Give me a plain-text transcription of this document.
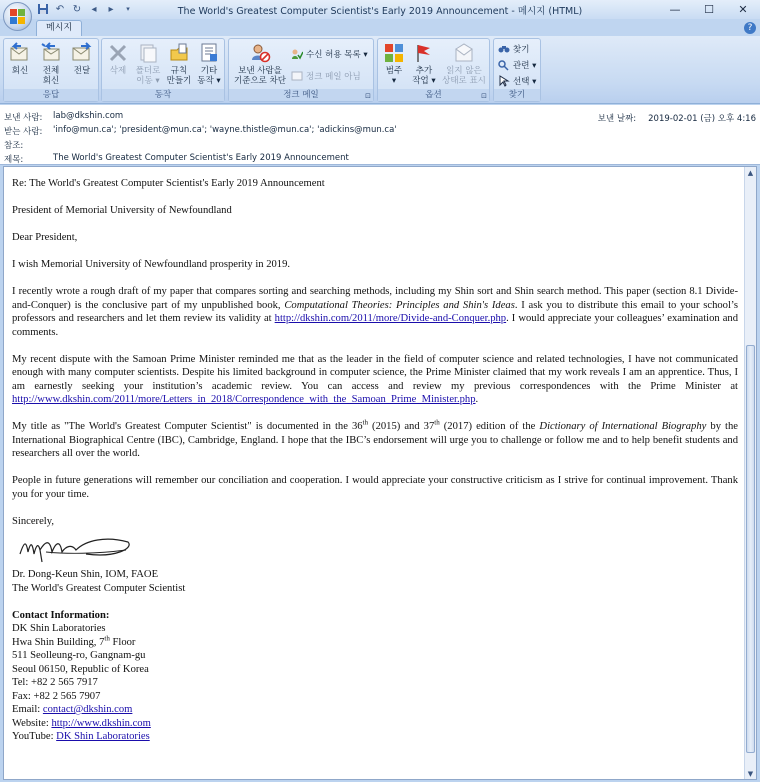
The World's Greatest Computer Scientist's Early 2019 Announcement - 메시지 (HTML)
↶ ↻	◂	▸	▾	—	☐	✕
메시지	?
회신	전체
회신
전달
응답
삭제	폴더로
이동 ▾
규칙
만들기
기타
동작 ▾
동작
보낸 사람을
기준으로 차단
수신 허용 목록 ▾
정크 메일 아님
정크 메일	⊡
범주
▾
추가
작업 ▾
읽지 않은
상태로 표시
옵션	⊡
찾기
관련 ▾
선택 ▾
찾기
보낸 사람: lab@dkshin.com
받는 사람: 'info@mun.ca'; 'president@mun.ca'; 'wayne.thistle@mun.ca'; 'adickins@mun.ca'
참조:
제목:	The World's Greatest Computer Scientist's Early 2019 Announcement
보낸 날짜: 2019-02-01 (금) 오후 4:16

Re: The World's Greatest Computer Scientist's Early 2019 Announcement

President of Memorial University of Newfoundland

Dear President,

I wish Memorial University of Newfoundland prosperity in 2019.

I recently wrote a rough draft of my paper that compares sorting and searching methods, including my Shin sort and Shin search method. This paper (section 8.1 Divide-and-Conquer) is the conclusive part of my unpublished book, Computational Theories: Principles and Shin's Ideas. I ask you to distribute this email to your school’s professors and researchers and let them review its validity at http://dkshin.com/2011/more/Divide-and-Conquer.php. I would appreciate your colleagues’ examination and comments.

My recent dispute with the Samoan Prime Minister reminded me that as the leader in the field of computer science and related technologies, I have not communicated enough with many computer scientists. Despite his limited background in computer science, the Prime Minister claimed that my work reveals I am an apprentice. Thus, I am earnestly seeking your institution’s academic review. You can access and review my previous correspondences with the Prime Minister at http://www.dkshin.com/2011/more/Letters_in_2018/Correspondence_with_the_Samoan_Prime_Minister.php.

My title as "The World's Greatest Computer Scientist" is documented in the 36th (2015) and 37th (2017) edition of the Dictionary of International Biography by the International Biographical Centre (IBC), Cambridge, England. I hope that the IBC’s endorsement will urge you to challenge or follow me and to help benefit students and researchers all over the world.

People in future generations will remember our conciliation and cooperation. I would appreciate your constructive criticism as I strive for continual improvement. Thank you for your time.

Sincerely,

Dr. Dong-Keun Shin, IOM, FAOE
The World's Greatest Computer Scientist
Contact Information:
DK Shin Laboratories
Hwa Shin Building, 7th Floor
511 Seolleung-ro, Gangnam-gu
Seoul 06150, Republic of Korea
Tel: +82 2 565 7917
Fax: +82 2 565 7907
Email: contact@dkshin.com
Website: http://www.dkshin.com
YouTube: DK Shin Laboratories
▲
▼
